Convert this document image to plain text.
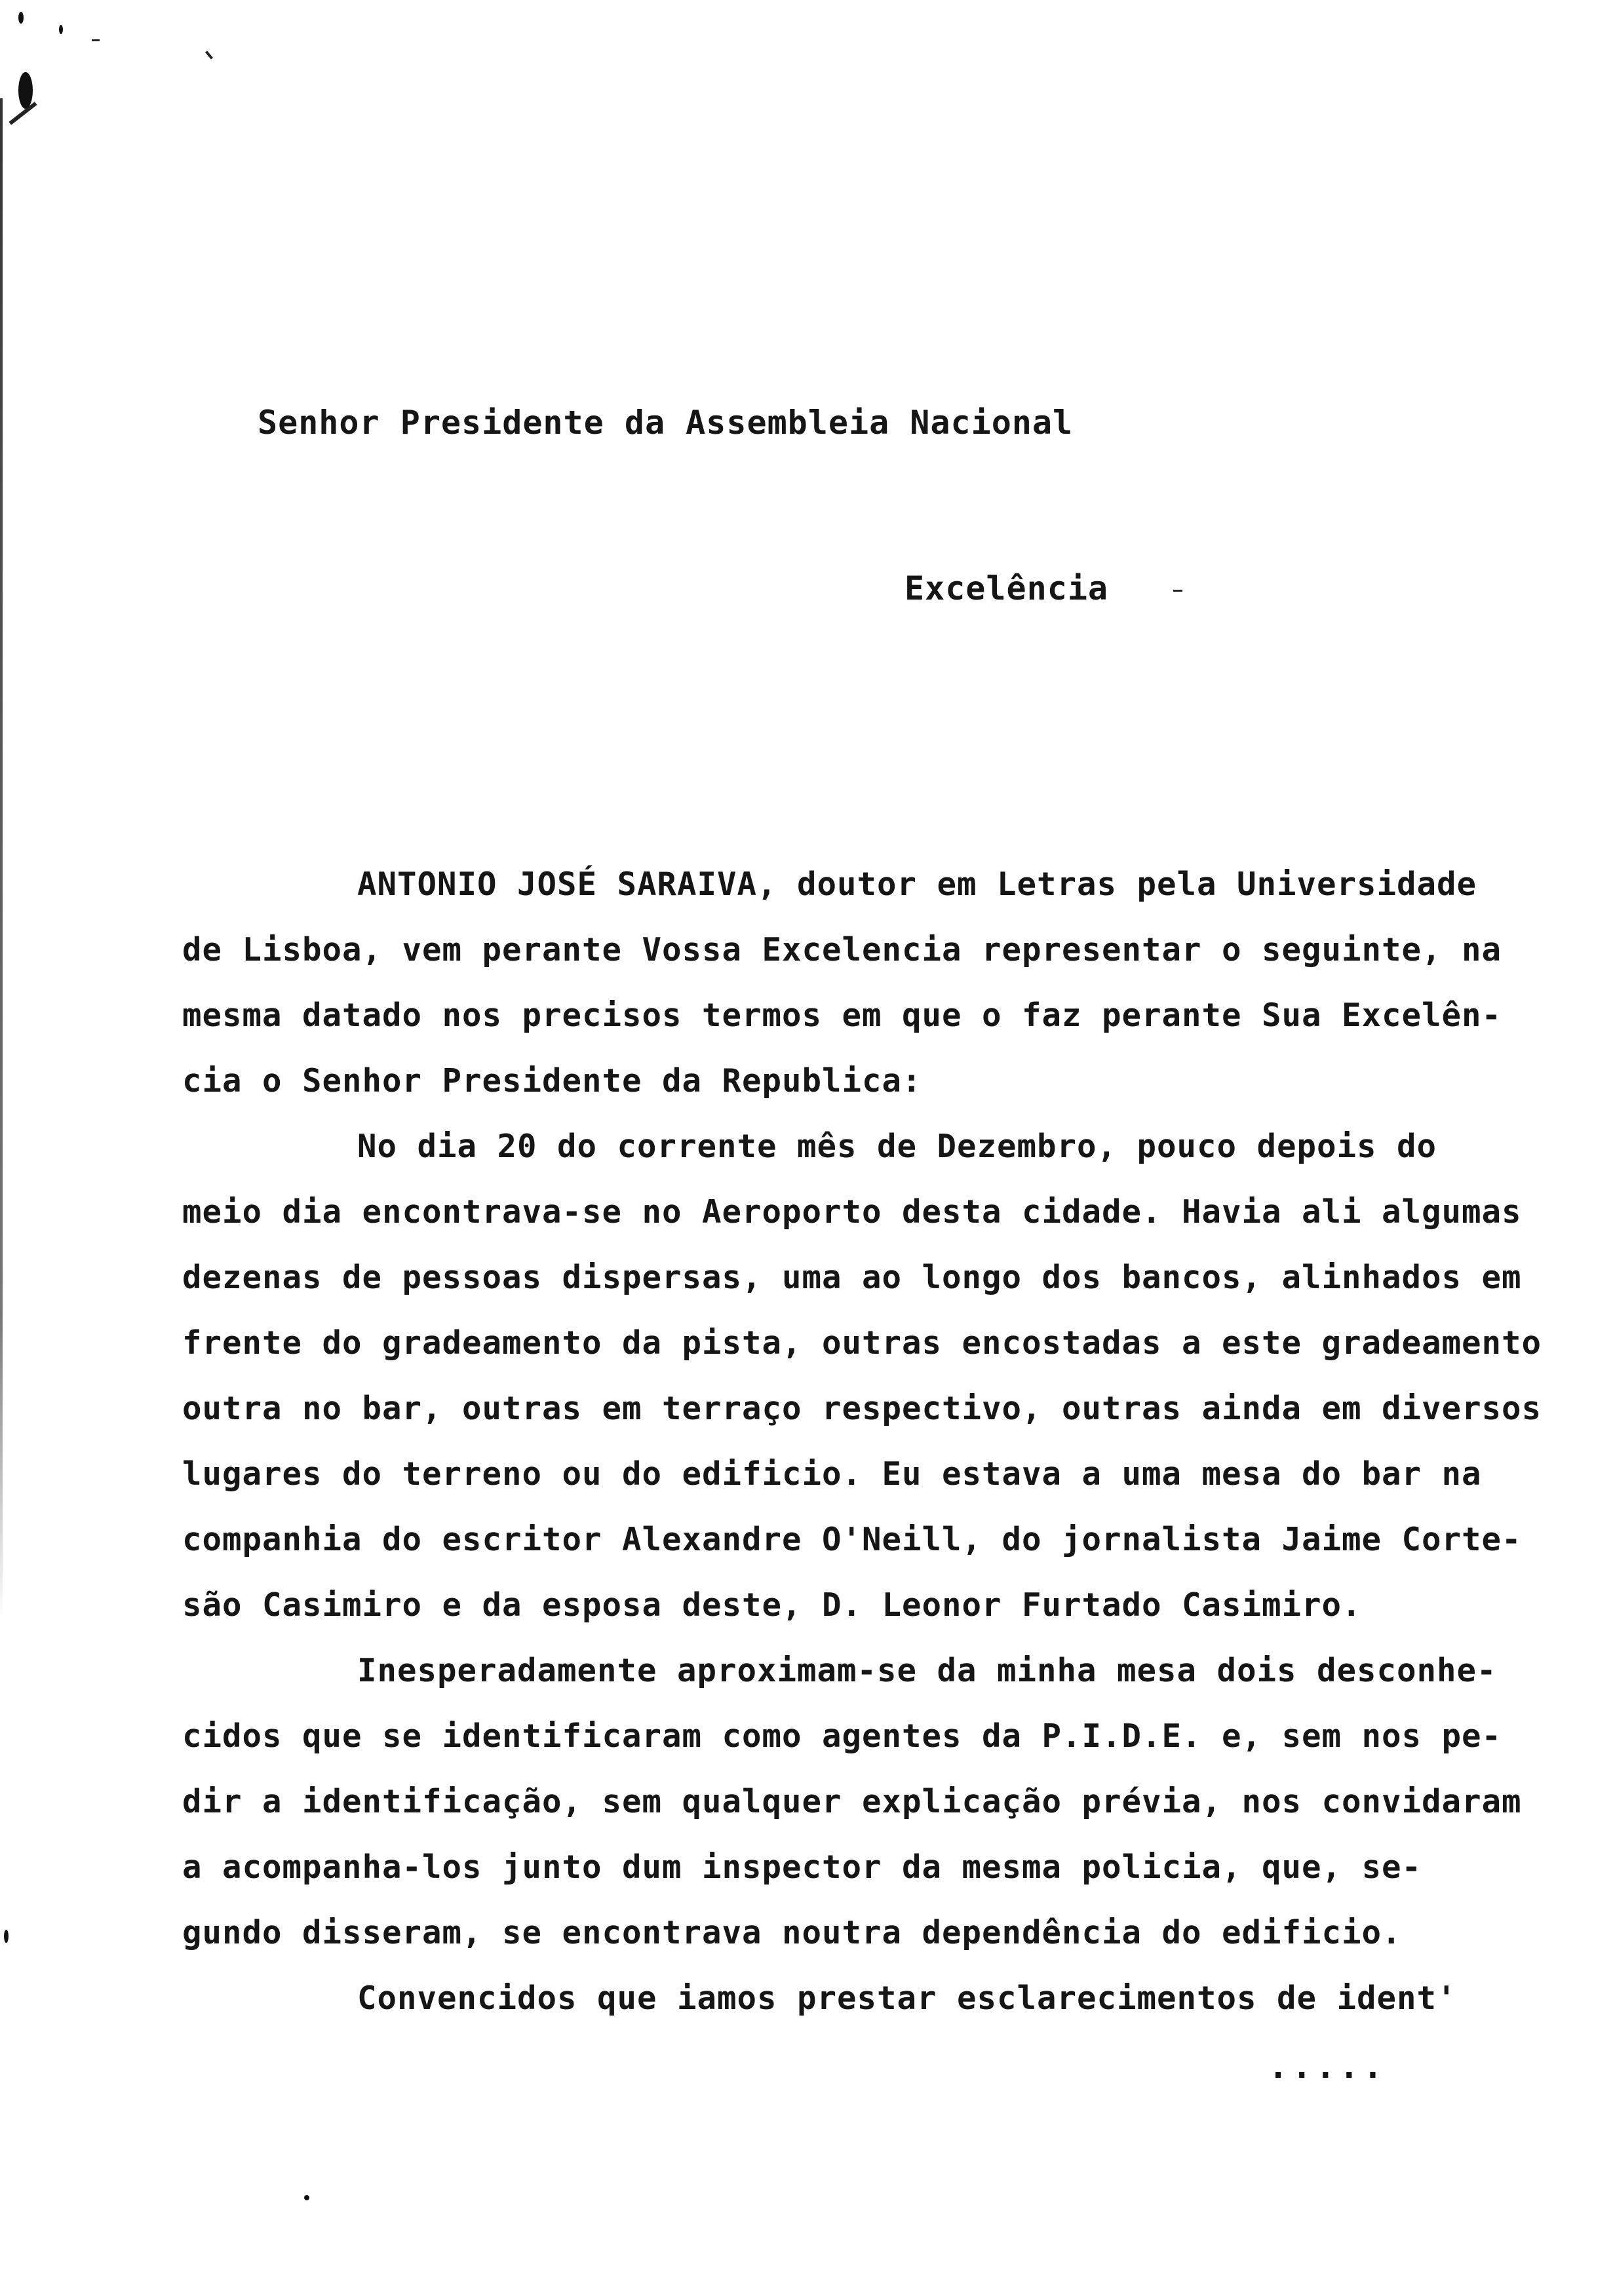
Senhor Presidente da Assembleia Nacional
Excelência
ANTONIO JOSÉ SARAIVA, doutor em Letras pela Universidade
de Lisboa, vem perante Vossa Excelencia representar o seguinte, na
mesma datado nos precisos termos em que o faz perante Sua Excelên-
cia o Senhor Presidente da Republica:
No dia 20 do corrente mês de Dezembro, pouco depois do
meio dia encontrava-se no Aeroporto desta cidade. Havia ali algumas
dezenas de pessoas dispersas, uma ao longo dos bancos, alinhados em
frente do gradeamento da pista, outras encostadas a este gradeamento
outra no bar, outras em terraço respectivo, outras ainda em diversos
lugares do terreno ou do edificio. Eu estava a uma mesa do bar na
companhia do escritor Alexandre O'Neill, do jornalista Jaime Corte-
são Casimiro e da esposa deste, D. Leonor Furtado Casimiro.
Inesperadamente aproximam-se da minha mesa dois desconhe-
cidos que se identificaram como agentes da P.I.D.E. e, sem nos pe-
dir a identificação, sem qualquer explicação prévia, nos convidaram
a acompanha-los junto dum inspector da mesma policia, que, se-
gundo disseram, se encontrava noutra dependência do edificio.
Convencidos que iamos prestar esclarecimentos de ident'
.....
